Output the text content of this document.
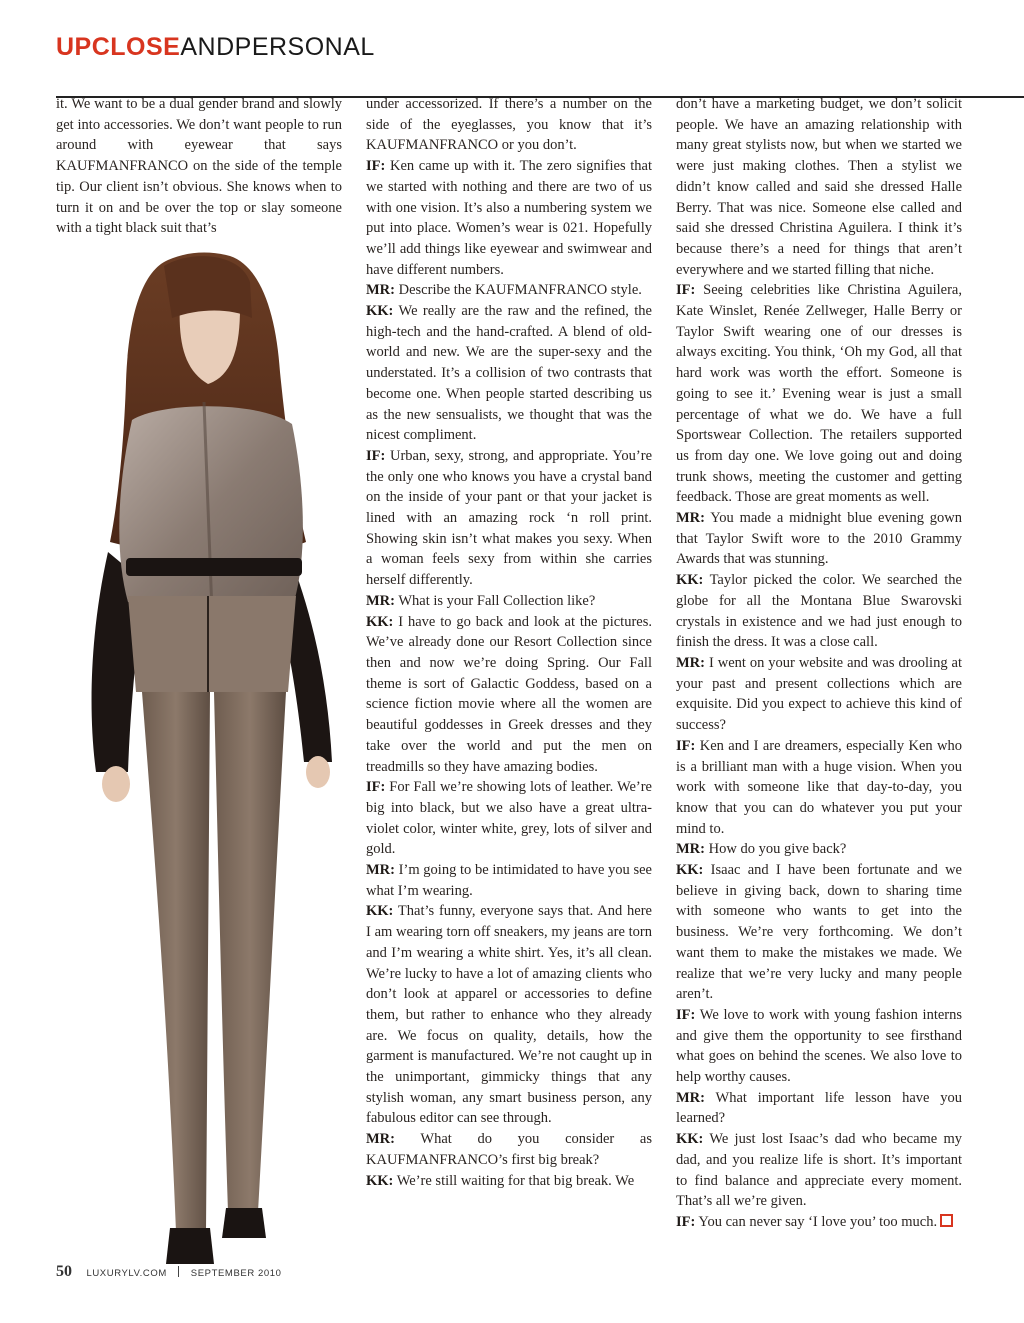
UPCLOSEANDPERSONAL

it. We want to be a dual gender brand and slowly get into accessories. We don’t want people to run around with eyewear that says KAUFMANFRANCO on the side of the temple tip. Our client isn’t obvious. She knows when to turn it on and be over the top or slay someone with a tight black suit that’s

under accessorized. If there’s a number on the side of the eyeglasses, you know that it’s KAUFMANFRANCO or you don’t.

IF: Ken came up with it. The zero signifies that we started with nothing and there are two of us with one vision. It’s also a numbering system we put into place. Women’s wear is 021. Hopefully we’ll add things like eyewear and swimwear and have different numbers.

MR: Describe the KAUFMANFRANCO style.

KK: We really are the raw and the refined, the high-tech and the hand-crafted. A blend of old-world and new. We are the super-sexy and the understated. It’s a collision of two contrasts that become one. When people started describing us as the new sensualists, we thought that was the nicest compliment.

IF: Urban, sexy, strong, and appropriate. You’re the only one who knows you have a crystal band on the inside of your pant or that your jacket is lined with an amazing rock ‘n roll print. Showing skin isn’t what makes you sexy. When a woman feels sexy from within she carries herself differently.

MR: What is your Fall Collection like?

KK: I have to go back and look at the pictures. We’ve already done our Resort Collection since then and now we’re doing Spring. Our Fall theme is sort of Galactic Goddess, based on a science fiction movie where all the women are beautiful goddesses in Greek dresses and they take over the world and put the men on treadmills so they have amazing bodies.

IF: For Fall we’re showing lots of leather. We’re big into black, but we also have a great ultra-violet color, winter white, grey, lots of silver and gold.

MR: I’m going to be intimidated to have you see what I’m wearing.

KK: That’s funny, everyone says that. And here I am wearing torn off sneakers, my jeans are torn and I’m wearing a white shirt. Yes, it’s all clean. We’re lucky to have a lot of amazing clients who don’t look at apparel or accessories to define them, but rather to enhance who they already are. We focus on quality, details, how the garment is manufactured. We’re not caught up in the unimportant, gimmicky things that any stylish woman, any smart business person, any fabulous editor can see through.

MR: What do you consider as KAUFMANFRANCO’s first big break?

KK: We’re still waiting for that big break. We

don’t have a marketing budget, we don’t solicit people. We have an amazing relationship with many great stylists now, but when we started we were just making clothes. Then a stylist we didn’t know called and said she dressed Halle Berry. That was nice. Someone else called and said she dressed Christina Aguilera. I think it’s because there’s a need for things that aren’t everywhere and we started filling that niche.

IF: Seeing celebrities like Christina Aguilera, Kate Winslet, Renée Zellweger, Halle Berry or Taylor Swift wearing one of our dresses is always exciting. You think, ‘Oh my God, all that hard work was worth the effort. Someone is going to see it.’ Evening wear is just a small percentage of what we do. We have a full Sportswear Collection. The retailers supported us from day one. We love going out and doing trunk shows, meeting the customer and getting feedback. Those are great moments as well.

MR: You made a midnight blue evening gown that Taylor Swift wore to the 2010 Grammy Awards that was stunning.

KK: Taylor picked the color. We searched the globe for all the Montana Blue Swarovski crystals in existence and we had just enough to finish the dress. It was a close call.

MR: I went on your website and was drooling at your past and present collections which are exquisite. Did you expect to achieve this kind of success?

IF: Ken and I are dreamers, especially Ken who is a brilliant man with a huge vision. When you work with someone like that day-to-day, you know that you can do whatever you put your mind to.

MR: How do you give back?

KK: Isaac and I have been fortunate and we believe in giving back, down to sharing time with someone who wants to get into the business. We’re very forthcoming. We don’t want them to make the mistakes we made. We realize that we’re very lucky and many people aren’t.

IF: We love to work with young fashion interns and give them the opportunity to see firsthand what goes on behind the scenes. We also love to help worthy causes.

MR: What important life lesson have you learned?

KK: We just lost Isaac’s dad who became my dad, and you realize life is short. It’s important to find balance and appreciate every moment. That’s all we’re given.

IF: You can never say ‘I love you’ too much.

50 LUXURYLV.COM	SEPTEMBER 2010
